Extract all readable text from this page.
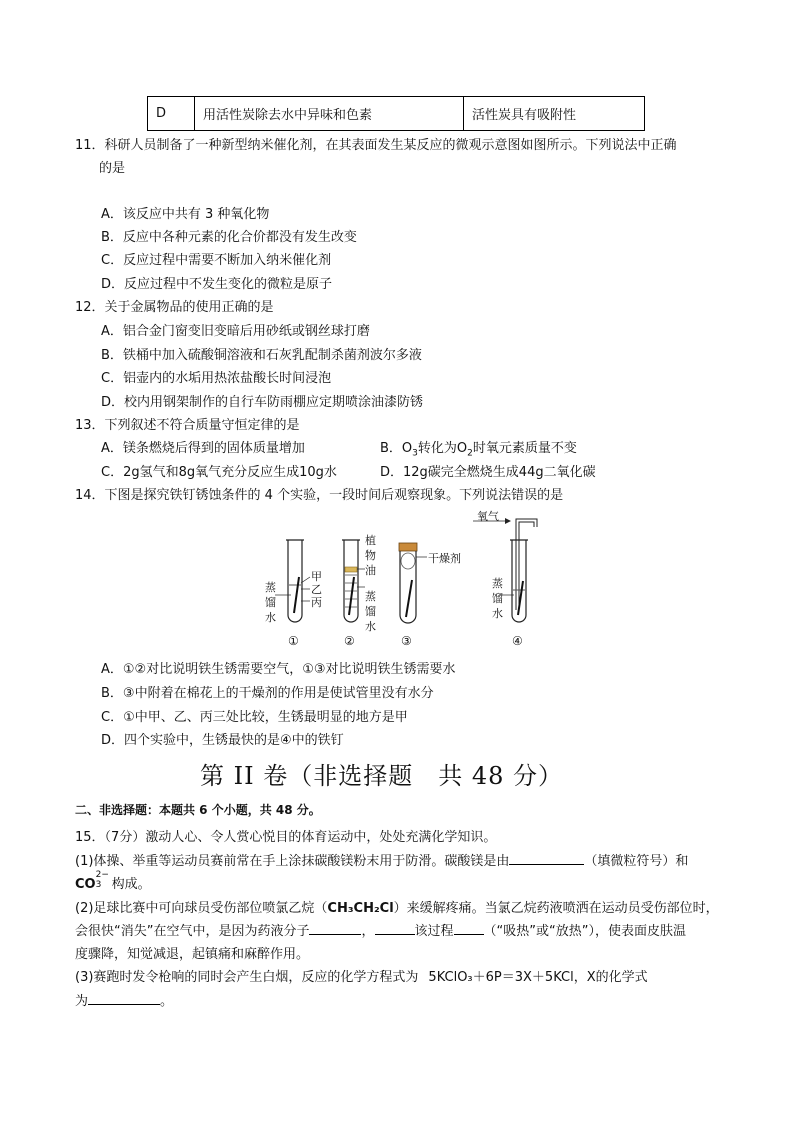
D	用活性炭除去水中异味和色素	活性炭具有吸附性
11．科研人员制备了一种新型纳米催化剂，在其表面发生某反应的微观示意图如图所示。下列说法中正确
的是
A．该反应中共有 3 种氧化物
B．反应中各种元素的化合价都没有发生改变
C．反应过程中需要不断加入纳米催化剂
D．反应过程中不发生变化的微粒是原子
12．关于金属物品的使用正确的是
A．铝合金门窗变旧变暗后用砂纸或钢丝球打磨
B．铁桶中加入硫酸铜溶液和石灰乳配制杀菌剂波尔多液
C．铝壶内的水垢用热浓盐酸长时间浸泡
D．校内用钢架制作的自行车防雨棚应定期喷涂油漆防锈
13．下列叙述不符合质量守恒定律的是
A．镁条燃烧后得到的固体质量增加	B．$O_3$转化为$O_2$时氧元素质量不变
C．2g氢气和8g氧气充分反应生成10g水	D．12g碳完全燃烧生成44g二氧化碳
14．下图是探究铁钉锈蚀条件的 4 个实验，一段时间后观察现象。下列说法错误的是
氧气
蒸
馏
水
甲
乙
丙
植
物
油
蒸
馏
水
干燥剂
蒸
馏
水
①	②	③	④
A．①②对比说明铁生锈需要空气，①③对比说明铁生锈需要水
B．③中附着在棉花上的干燥剂的作用是使试管里没有水分
C．①中甲、乙、丙三处比较，生锈最明显的地方是甲
D．四个实验中，生锈最快的是④中的铁钉
第 II 卷（非选择题　共 48 分）
二、非选择题：本题共 6 个小题，共 48 分。
15．（7分）激动人心、令人赏心悦目的体育运动中，处处充满化学知识。
(1)体操、举重等运动员赛前常在手上涂抹碳酸镁粉末用于防滑。碳酸镁是由	（填微粒符号）和
CO
2−
3 构成。
(2)足球比赛中可向球员受伤部位喷氯乙烷（CH₃CH₂Cl）来缓解疼痛。当氯乙烷药液喷洒在运动员受伤部位时，
会很快“消失”在空气中，是因为药液分子	，	该过程 （“吸热”或“放热”），使表面皮肤温
度骤降，知觉减退，起镇痛和麻醉作用。
(3)赛跑时发令枪响的同时会产生白烟，反应的化学方程式为 5KClO₃＋6P＝3X＋5KCl，X的化学式
为	。
